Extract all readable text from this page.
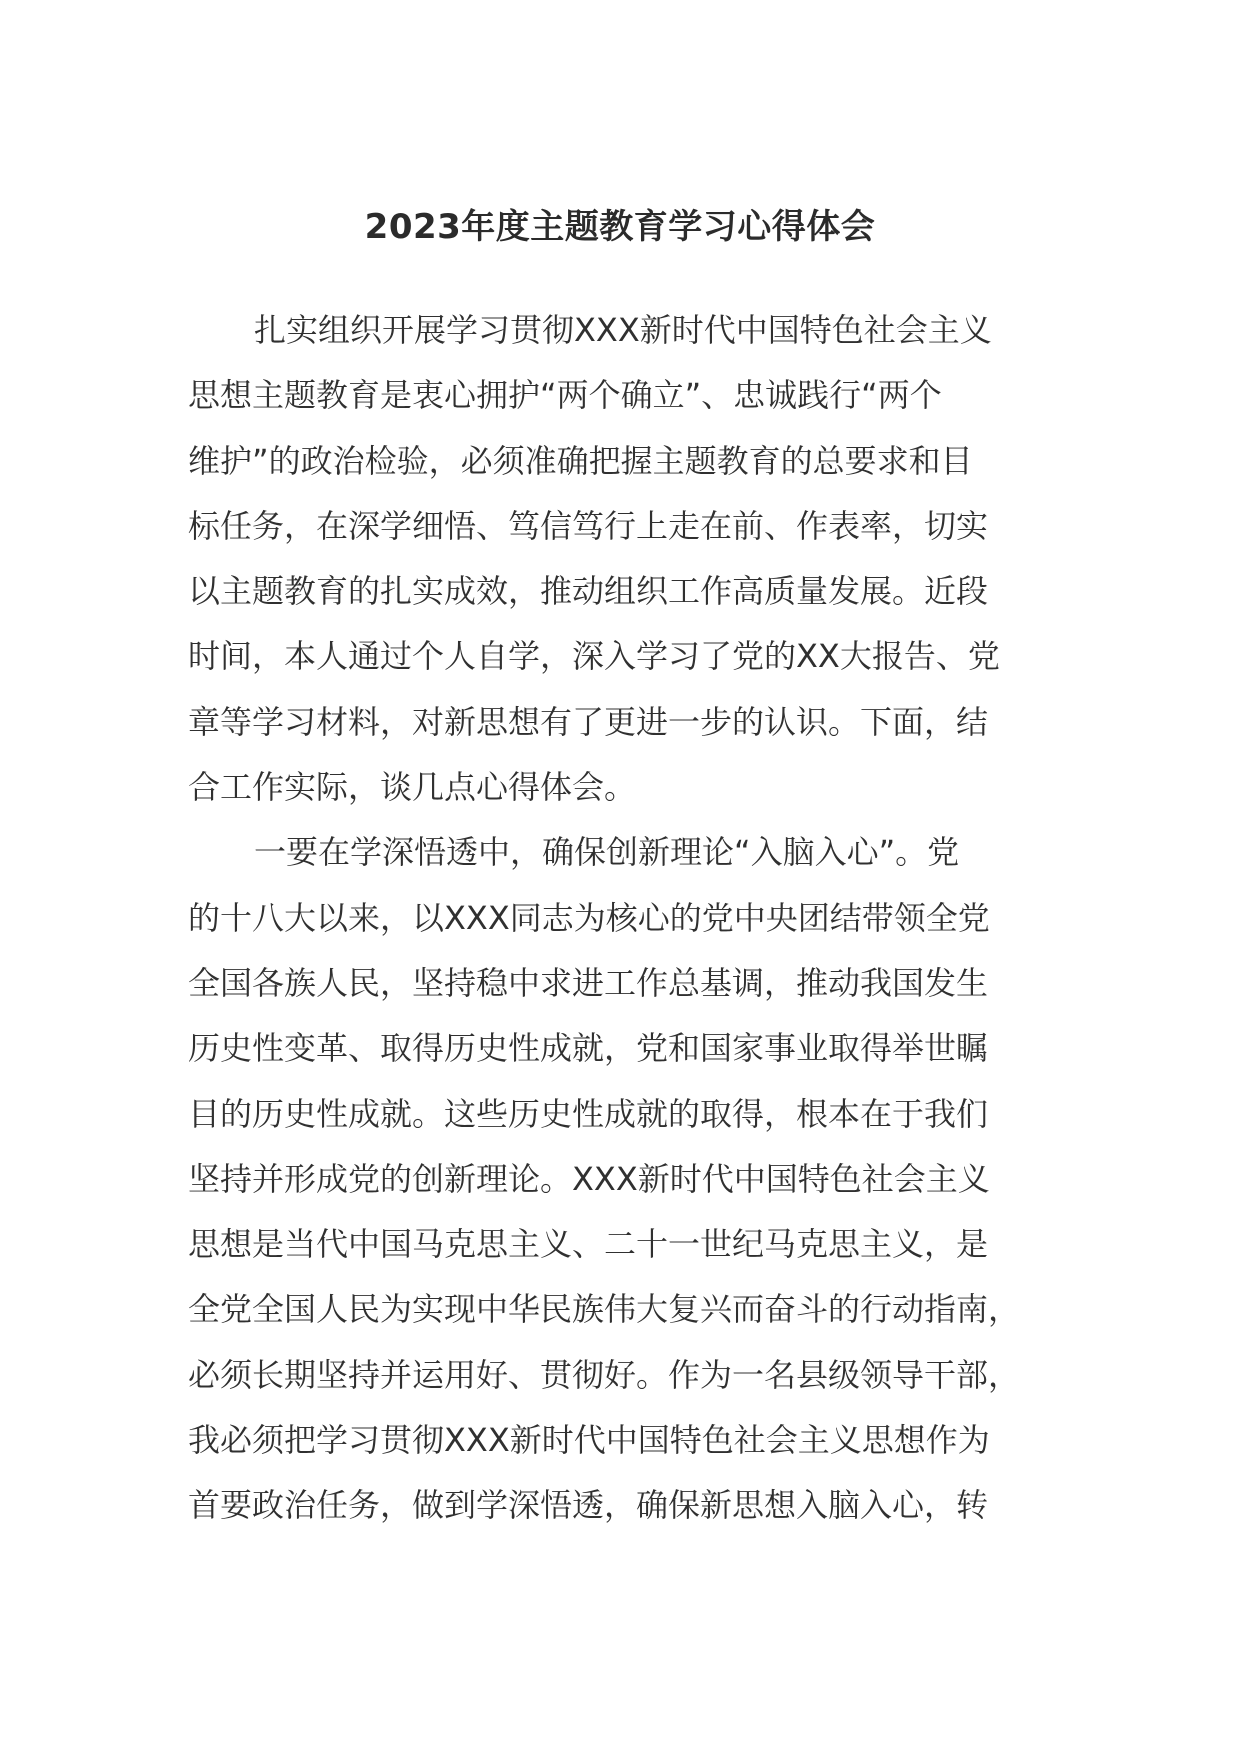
2023年度主题教育学习心得体会
扎实组织开展学习贯彻XXX新时代中国特色社会主义
思想主题教育是衷心拥护“两个确立”、忠诚践行“两个
维护”的政治检验，必须准确把握主题教育的总要求和目
标任务，在深学细悟、笃信笃行上走在前、作表率，切实
以主题教育的扎实成效，推动组织工作高质量发展。近段
时间，本人通过个人自学，深入学习了党的XX大报告、党
章等学习材料，对新思想有了更进一步的认识。下面，结
合工作实际，谈几点心得体会。
一要在学深悟透中，确保创新理论“入脑入心”。党
的十八大以来，以XXX同志为核心的党中央团结带领全党
全国各族人民，坚持稳中求进工作总基调，推动我国发生
历史性变革、取得历史性成就，党和国家事业取得举世瞩
目的历史性成就。这些历史性成就的取得，根本在于我们
坚持并形成党的创新理论。XXX新时代中国特色社会主义
思想是当代中国马克思主义、二十一世纪马克思主义，是
全党全国人民为实现中华民族伟大复兴而奋斗的行动指南，
必须长期坚持并运用好、贯彻好。作为一名县级领导干部，
我必须把学习贯彻XXX新时代中国特色社会主义思想作为
首要政治任务，做到学深悟透，确保新思想入脑入心，转
